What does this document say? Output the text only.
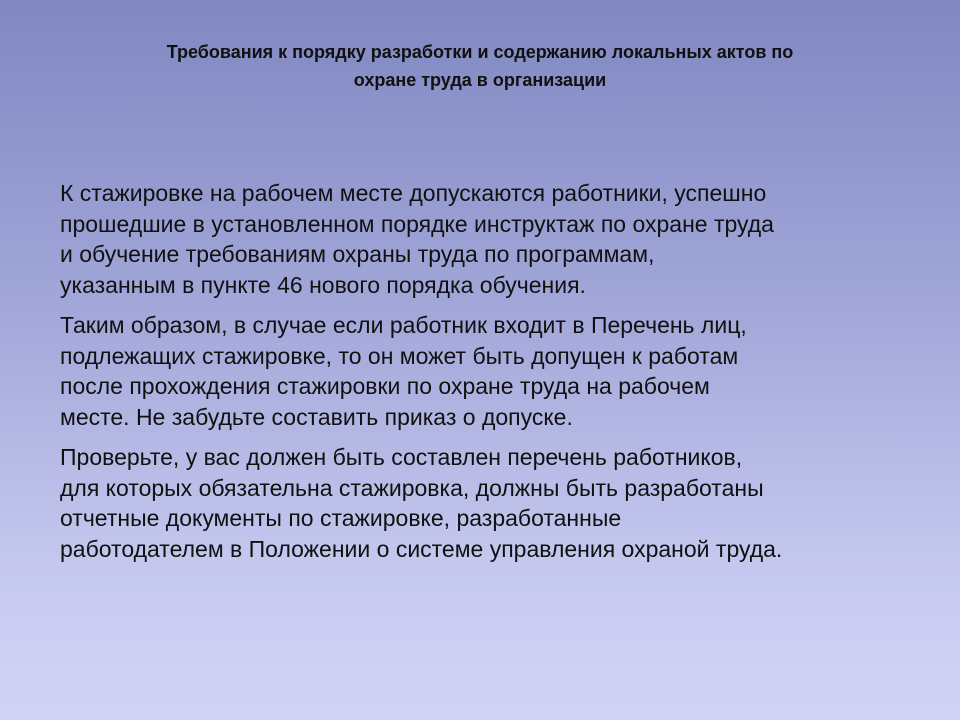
Требования к порядку разработки и содержанию локальных актов по
охране труда в организации

К стажировке на рабочем месте допускаются работники, успешно
прошедшие в установленном порядке инструктаж по охране труда
и обучение требованиям охраны труда по программам,
указанным в пункте 46 нового порядка обучения.

Таким образом, в случае если работник входит в Перечень лиц,
подлежащих стажировке, то он может быть допущен к работам
после прохождения стажировки по охране труда на рабочем
месте. Не забудьте составить приказ о допуске.

Проверьте, у вас должен быть составлен перечень работников,
для которых обязательна стажировка, должны быть разработаны
отчетные документы по стажировке, разработанные
работодателем в Положении о системе управления охраной труда.
